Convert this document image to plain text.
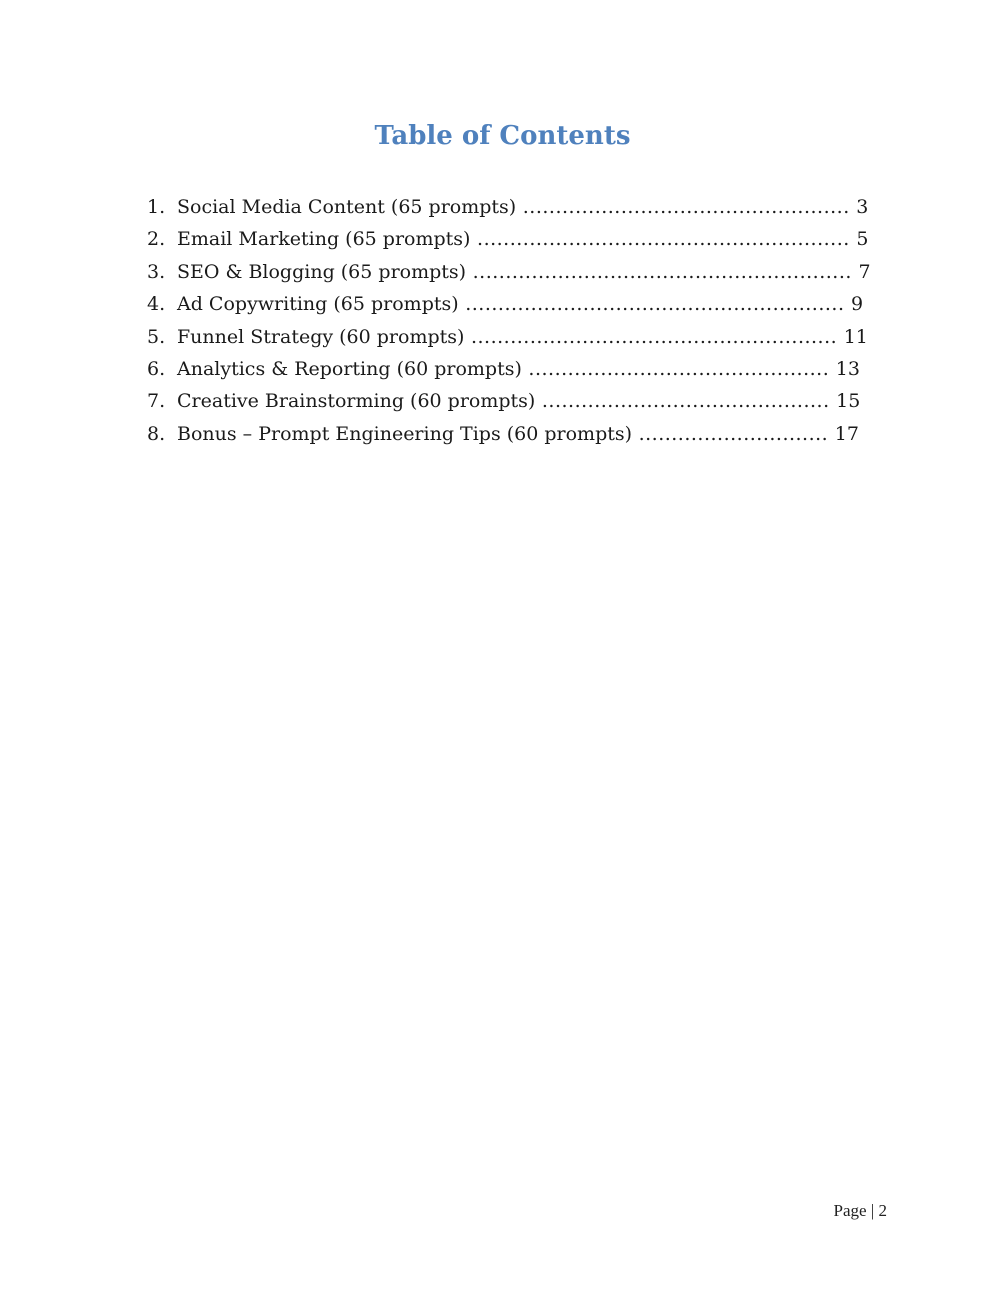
Table of Contents
1. Social Media Content (65 prompts) .................................................. 3
2. Email Marketing (65 prompts) ......................................................... 5
3. SEO & Blogging (65 prompts) .......................................................... 7
4. Ad Copywriting (65 prompts) .......................................................... 9
5. Funnel Strategy (60 prompts) ........................................................ 11
6. Analytics & Reporting (60 prompts) .............................................. 13
7. Creative Brainstorming (60 prompts) ............................................ 15
8. Bonus – Prompt Engineering Tips (60 prompts) ............................. 17
Page | 2
